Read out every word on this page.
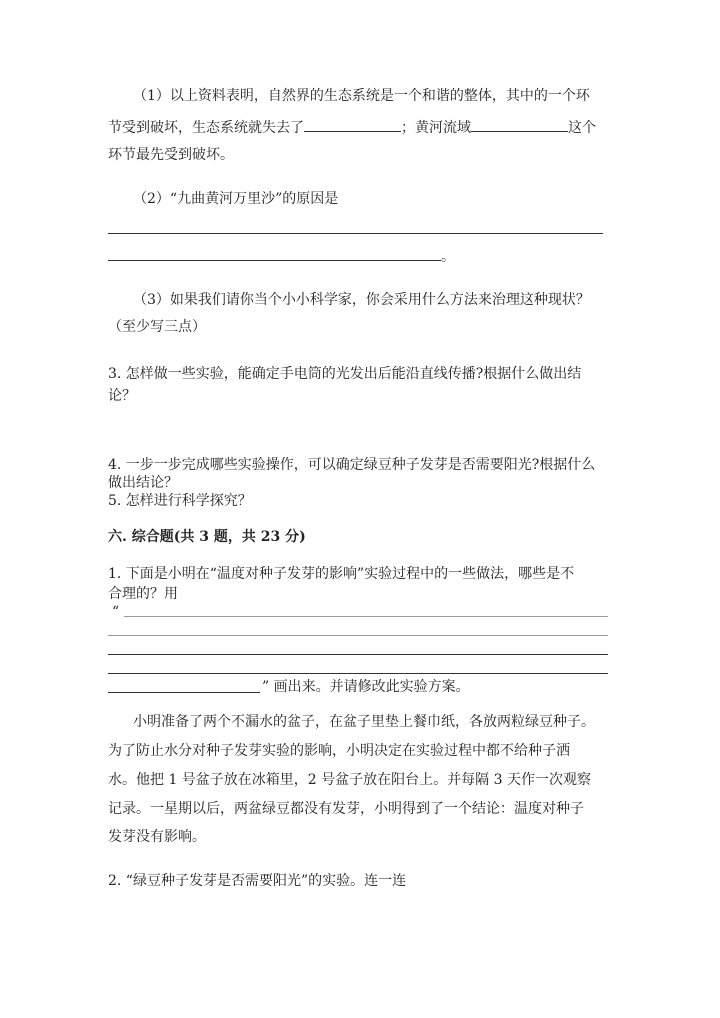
（1）以上资料表明，自然界的生态系统是一个和谐的整体，其中的一个环
节受到破坏，生态系统就失去了	；黄河流域	这个
环节最先受到破坏。
（2）“九曲黄河万里沙”的原因是
。
（3）如果我们请你当个小小科学家，你会采用什么方法来治理这种现状？
（至少写三点）
3. 怎样做一些实验，能确定手电筒的光发出后能沿直线传播?根据什么做出结
论？
4. 一步一步完成哪些实验操作，可以确定绿豆种子发芽是否需要阳光?根据什么
做出结论？
5. 怎样进行科学探究？
六. 综合题(共 3 题，共 23 分)
1. 下面是小明在“温度对种子发芽的影响”实验过程中的一些做法，哪些是不
合理的？用
“
” 画出来。并请修改此实验方案。
小明准备了两个不漏水的盆子，在盆子里垫上餐巾纸，各放两粒绿豆种子。
为了防止水分对种子发芽实验的影响，小明决定在实验过程中都不给种子洒
水。他把 1 号盆子放在冰箱里，2 号盆子放在阳台上。并每隔 3 天作一次观察
记录。一星期以后，两盆绿豆都没有发芽，小明得到了一个结论：温度对种子
发芽没有影响。
2. “绿豆种子发芽是否需要阳光”的实验。连一连
